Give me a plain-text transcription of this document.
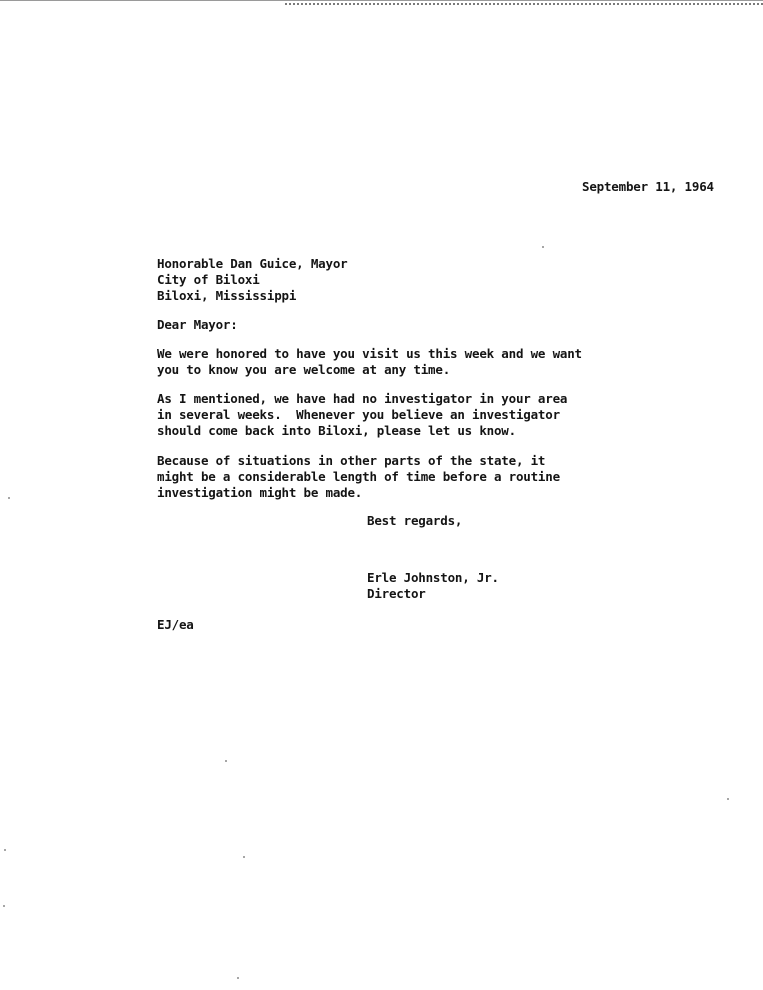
September 11, 1964
Honorable Dan Guice, Mayor
City of Biloxi
Biloxi, Mississippi
Dear Mayor:
We were honored to have you visit us this week and we want
you to know you are welcome at any time.
As I mentioned, we have had no investigator in your area
in several weeks.  Whenever you believe an investigator
should come back into Biloxi, please let us know.
Because of situations in other parts of the state, it
might be a considerable length of time before a routine
investigation might be made.
Best regards,
Erle Johnston, Jr.
Director
EJ/ea
